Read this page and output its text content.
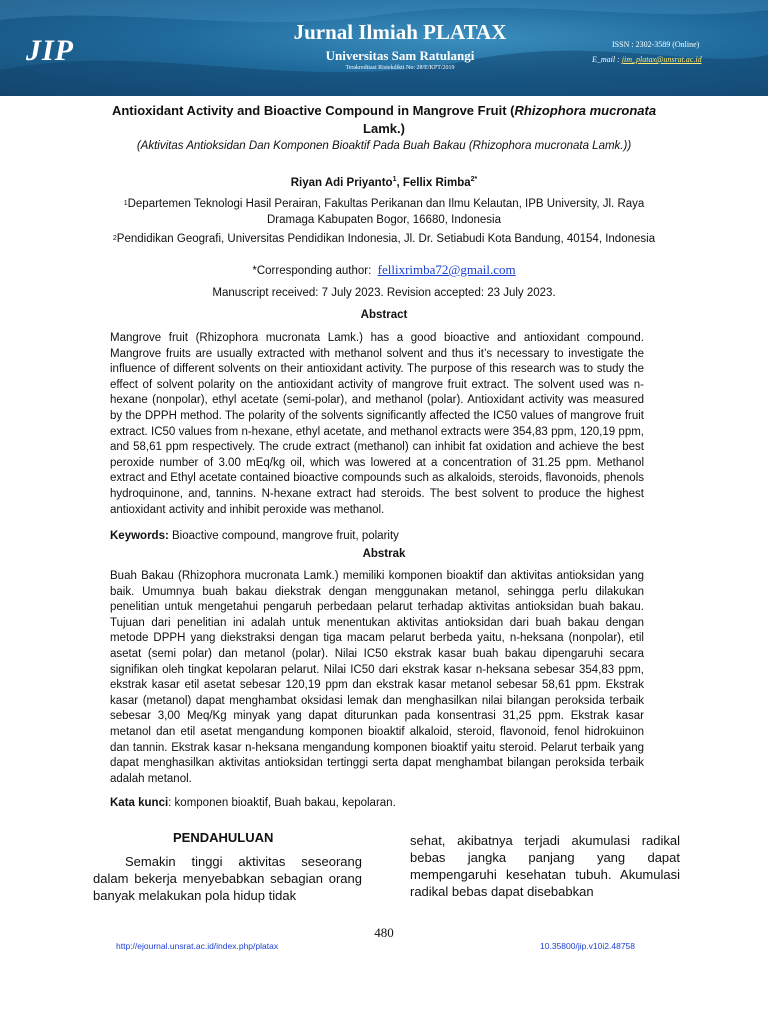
JIP
Jurnal Ilmiah PLATAX
Universitas Sam Ratulangi
Terakreditasi Ristekdikti No: 28/E/KPT/2019
ISSN : 2302-3589 (Online)
E_mail : jim_platax@unsrat.ac.id
Antioxidant Activity and Bioactive Compound in Mangrove Fruit (Rhizophora mucronata Lamk.)
(Aktivitas Antioksidan Dan Komponen Bioaktif Pada Buah Bakau (Rhizophora mucronata Lamk.))
Riyan Adi Priyanto$^1$, Fellix Rimba$^{2*}$
$^1$Departemen Teknologi Hasil Perairan, Fakultas Perikanan dan Ilmu Kelautan, IPB University, Jl. Raya Dramaga Kabupaten Bogor, 16680, Indonesia
$^2$Pendidikan Geografi, Universitas Pendidikan Indonesia, Jl. Dr. Setiabudi Kota Bandung, 40154, Indonesia
*Corresponding author: fellixrimba72@gmail.com
Manuscript received: 7 July 2023. Revision accepted: 23 July 2023.
Abstract
Mangrove fruit (Rhizophora mucronata Lamk.) has a good bioactive and antioxidant compound. Mangrove fruits are usually extracted with methanol solvent and thus it’s necessary to investigate the influence of different solvents on their antioxidant activity. The purpose of this research was to study the effect of solvent polarity on the antioxidant activity of mangrove fruit extract. The solvent used was n-hexane (nonpolar), ethyl acetate (semi-polar), and methanol (polar). Antioxidant activity was measured by the DPPH method. The polarity of the solvents significantly affected the IC50 values of mangrove fruit extract. IC50 values from n-hexane, ethyl acetate, and methanol extracts were 354,83 ppm, 120,19 ppm, and 58,61 ppm respectively. The crude extract (methanol) can inhibit fat oxidation and achieve the best peroxide number of 3.00 mEq/kg oil, which was lowered at a concentration of 31.25 ppm. Methanol extract and Ethyl acetate contained bioactive compounds such as alkaloids, steroids, flavonoids, phenols hydroquinone, and, tannins. N-hexane extract had steroids. The best solvent to produce the highest antioxidant activity and inhibit peroxide was methanol.
Keywords: Bioactive compound, mangrove fruit, polarity
Abstrak
Buah Bakau (Rhizophora mucronata Lamk.) memiliki komponen bioaktif dan aktivitas antioksidan yang baik. Umumnya buah bakau diekstrak dengan menggunakan metanol, sehingga perlu dilakukan penelitian untuk mengetahui pengaruh perbedaan pelarut terhadap aktivitas antioksidan buah bakau. Tujuan dari penelitian ini adalah untuk menentukan aktivitas antioksidan dari buah bakau dengan metode DPPH yang diekstraksi dengan tiga macam pelarut berbeda yaitu, n-heksana (nonpolar), etil asetat (semi polar) dan metanol (polar). Nilai IC50 ekstrak kasar buah bakau dipengaruhi secara signifikan oleh tingkat kepolaran pelarut. Nilai IC50 dari ekstrak kasar n-heksana sebesar 354,83 ppm, ekstrak kasar etil asetat sebesar 120,19 ppm dan ekstrak kasar metanol sebesar 58,61 ppm. Ekstrak kasar (metanol) dapat menghambat oksidasi lemak dan menghasilkan nilai bilangan peroksida terbaik sebesar 3,00 Meq/Kg minyak yang dapat diturunkan pada konsentrasi 31,25 ppm. Ekstrak kasar metanol dan etil asetat mengandung komponen bioaktif alkaloid, steroid, flavonoid, fenol hidrokuinon dan tannin. Ekstrak kasar n-heksana mengandung komponen bioaktif yaitu steroid. Pelarut terbaik yang dapat menghasilkan aktivitas antioksidan tertinggi serta dapat menghambat bilangan peroksida terbaik adalah metanol.
Kata kunci: komponen bioaktif, Buah bakau, kepolaran.
PENDAHULUAN
Semakin tinggi aktivitas seseorang dalam bekerja menyebabkan sebagian orang banyak melakukan pola hidup tidak
sehat, akibatnya terjadi akumulasi radikal bebas jangka panjang yang dapat mempengaruhi kesehatan tubuh. Akumulasi radikal bebas dapat disebabkan
480
http://ejournal.unsrat.ac.id/index.php/platax	10.35800/jip.v10i2.48758
